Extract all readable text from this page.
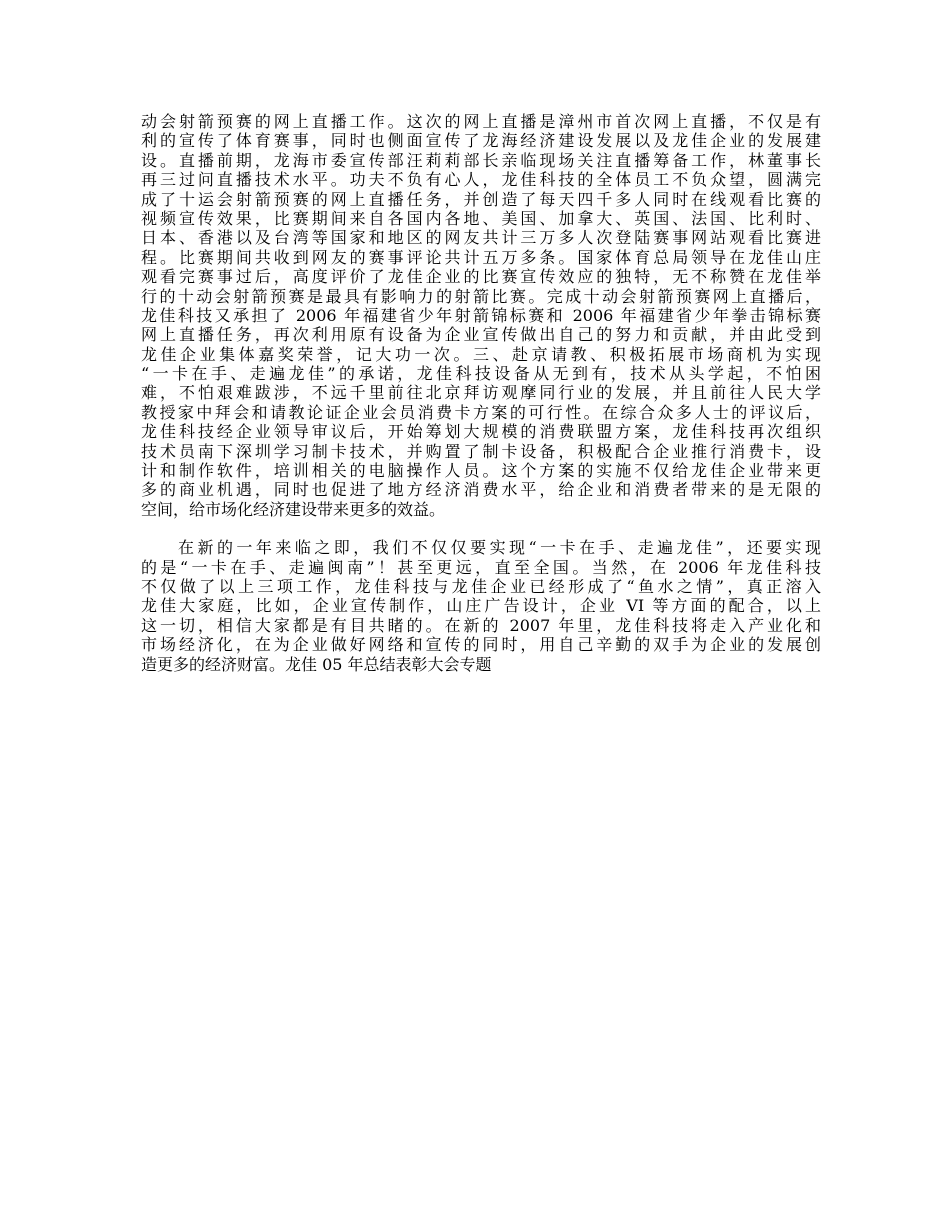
动会射箭预赛的网上直播工作。这次的网上直播是漳州市首次网上直播，不仅是有
利的宣传了体育赛事，同时也侧面宣传了龙海经济建设发展以及龙佳企业的发展建
设。直播前期，龙海市委宣传部汪莉莉部长亲临现场关注直播筹备工作，林董事长
再三过问直播技术水平。功夫不负有心人，龙佳科技的全体员工不负众望，圆满完
成了十运会射箭预赛的网上直播任务，并创造了每天四千多人同时在线观看比赛的
视频宣传效果，比赛期间来自各国内各地、美国、加拿大、英国、法国、比利时、
日本、香港以及台湾等国家和地区的网友共计三万多人次登陆赛事网站观看比赛进
程。比赛期间共收到网友的赛事评论共计五万多条。国家体育总局领导在龙佳山庄
观看完赛事过后，高度评价了龙佳企业的比赛宣传效应的独特，无不称赞在龙佳举
行的十动会射箭预赛是最具有影响力的射箭比赛。完成十动会射箭预赛网上直播后，
龙佳科技又承担了 2006 年福建省少年射箭锦标赛和 2006 年福建省少年拳击锦标赛
网上直播任务，再次利用原有设备为企业宣传做出自己的努力和贡献，并由此受到
龙佳企业集体嘉奖荣誉，记大功一次。三、赴京请教、积极拓展市场商机为实现
“一卡在手、走遍龙佳”的承诺，龙佳科技设备从无到有，技术从头学起，不怕困
难，不怕艰难跋涉，不远千里前往北京拜访观摩同行业的发展，并且前往人民大学
教授家中拜会和请教论证企业会员消费卡方案的可行性。在综合众多人士的评议后，
龙佳科技经企业领导审议后，开始筹划大规模的消费联盟方案，龙佳科技再次组织
技术员南下深圳学习制卡技术，并购置了制卡设备，积极配合企业推行消费卡，设
计和制作软件，培训相关的电脑操作人员。这个方案的实施不仅给龙佳企业带来更
多的商业机遇，同时也促进了地方经济消费水平，给企业和消费者带来的是无限的
空间，给市场化经济建设带来更多的效益。
在新的一年来临之即，我们不仅仅要实现“一卡在手、走遍龙佳”，还要实现
的是“一卡在手、走遍闽南”！甚至更远，直至全国。当然，在 2006 年龙佳科技
不仅做了以上三项工作，龙佳科技与龙佳企业已经形成了“鱼水之情”，真正溶入
龙佳大家庭，比如，企业宣传制作，山庄广告设计，企业 VI 等方面的配合，以上
这一切，相信大家都是有目共睹的。在新的 2007 年里，龙佳科技将走入产业化和
市场经济化，在为企业做好网络和宣传的同时，用自己辛勤的双手为企业的发展创
造更多的经济财富。龙佳 05 年总结表彰大会专题
